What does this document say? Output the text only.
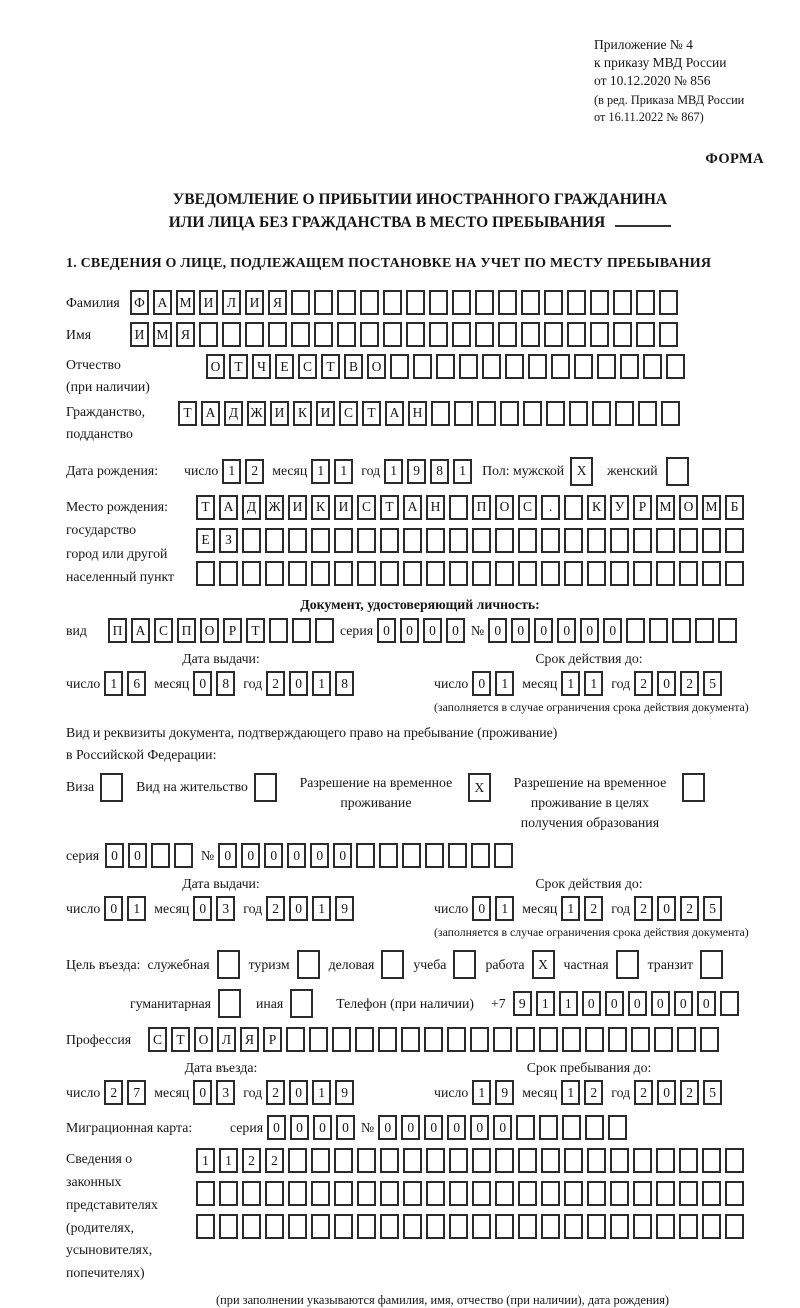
Приложение № 4
к приказу МВД России
от 10.12.2020 № 856
(в ред. Приказа МВД России
от 16.11.2022 № 867)
ФОРМА
УВЕДОМЛЕНИЕ О ПРИБЫТИИ ИНОСТРАННОГО ГРАЖДАНИНА
ИЛИ ЛИЦА БЕЗ ГРАЖДАНСТВА В МЕСТО ПРЕБЫВАНИЯ
1. СВЕДЕНИЯ О ЛИЦЕ, ПОДЛЕЖАЩЕМ ПОСТАНОВКЕ НА УЧЕТ ПО МЕСТУ ПРЕБЫВАНИЯ
Фамилия	Ф А М И	Л	И	Я
Имя	И М Я
Отчество
(при наличии)
О	Т	Ч	Е	С	Т	В	О
Гражданство,
подданство
Т	А	Д Ж И	К	И	С	Т	А Н
Дата рождения:	число 1	2	месяц 1	1	год 1	9	8	1	Пол: мужской X	женский
Место рождения:
государство
город или другой
населенный пункт
Т	А	Д Ж И	К	И	С	Т	А Н	П О	С	.	К	У	Р М О М Б
Е	З
Документ, удостоверяющий личность:
вид	П А	С	П О	Р	Т	серия 0	0	0	0 № 0	0	0	0	0	0
Дата выдачи:
число 1	6	месяц 0	8	год 2	0	1	8
Срок действия до:
число 0	1	месяц 1	1	год 2	0	2	5
(заполняется в случае ограничения срока действия документа)
Вид и реквизиты документа, подтверждающего право на пребывание (проживание)
в Российской Федерации:
Виза	Вид на жительство	Разрешение на временное
проживание
X	Разрешение на временное
проживание в целях
получения образования
серия 0	0	№ 0	0	0	0	0	0
Дата выдачи:
число 0	1	месяц 0	3	год 2	0	1	9
Срок действия до:
число 0	1	месяц 1	2	год 2	0	2	5
(заполняется в случае ограничения срока действия документа)
Цель въезда: служебная	туризм	деловая	учеба	работа	X	частная	транзит
гуманитарная	иная	Телефон (при наличии) +7 9	1	1	0	0	0	0	0	0
Профессия	С	Т	О	Л	Я	Р
Дата въезда:
число 2	7	месяц 0	3	год 2	0	1	9
Срок пребывания до:
число 1	9	месяц 1	2	год 2	0	2	5
Миграционная карта:	серия 0	0	0	0 № 0	0	0	0	0	0
Сведения о
законных
представителях
(родителях,
усыновителях,
попечителях)
1	1	2	2
(при заполнении указываются фамилия, имя, отчество (при наличии), дата рождения)
